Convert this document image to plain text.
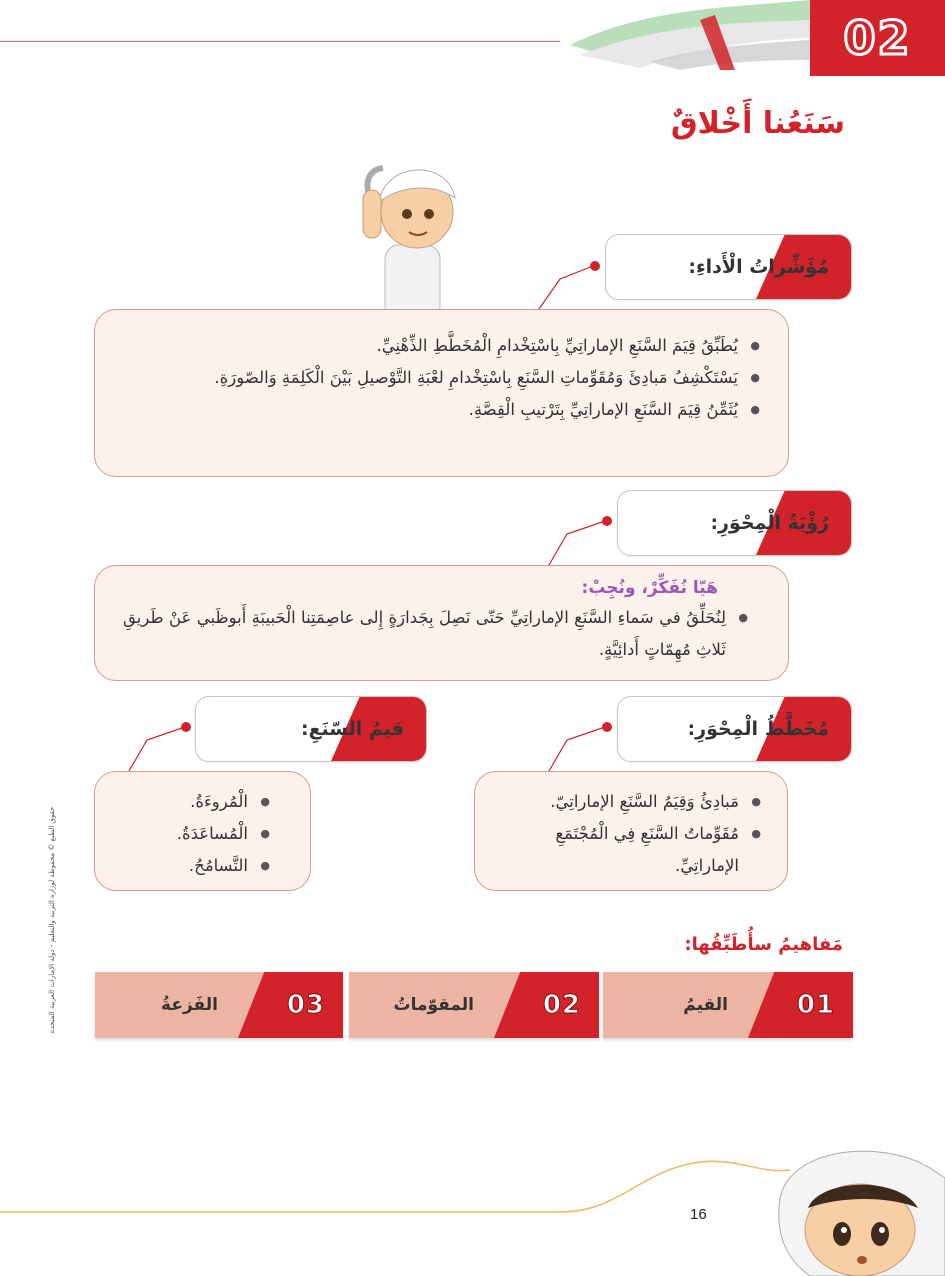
02
سَنَعُنا أَخْلاقٌ
مُؤَشِّراتُ الْأَداءِ:
● يُطَبِّقُ قِيَمَ السَّنَعِ الإماراتِيِّ بِاسْتِخْدامِ الْمُخَطَّطِ الذِّهْنِيِّ.
● يَسْتَكْشِفُ مَبادِئَ وَمُقَوِّماتِ السَّنَعِ بِاسْتِخْدامِ لعْبَةِ التَّوْصيلِ بَيْنَ الْكَلِمَةِ وَالصّورَةِ.
● يُثَمِّنُ قِيَمَ السَّنَعِ الإماراتِيِّ بِتَرْتيبِ الْقِصَّةِ.
رُؤْيَةُ الْمِحْوَرِ:
هَيّا نُفَكِّرْ، ونُجِبْ:
● لِنُحَلِّقُ في سَماءِ السَّنَعِ الإماراتِيِّ حَتّى نَصِلَ بِجَدارَةٍ إِلى عاصِمَتِنا الْحَبيبَةِ أَبوظَبي عَنْ طَريقِ ثَلاثِ مُهِمّاتٍ أَدائِيَّةٍ.
مُخَطَّطُ الْمِحْوَرِ:
● مَبادِئُ وَقِيَمُ السَّنَعِ الإماراتِيّ.
● مُقَوِّماتُ السَّنَعِ فِي الْمُجْتَمَعِ الإماراتِيِّ.
قيمُ السّنَعِ:
● الْمُروءَةُ.
● الْمُساعَدَةُ.
● التَّسامُحُ.
مَفاهيمُ سأُطَبِّقُها:
01
القيمُ
02
المقوّماتُ
03
الفَزعةُ
حقوق الطبع © محفوظة لوزارة التربية والتعليم - دولة الإمارات العربية المتحدة
16
